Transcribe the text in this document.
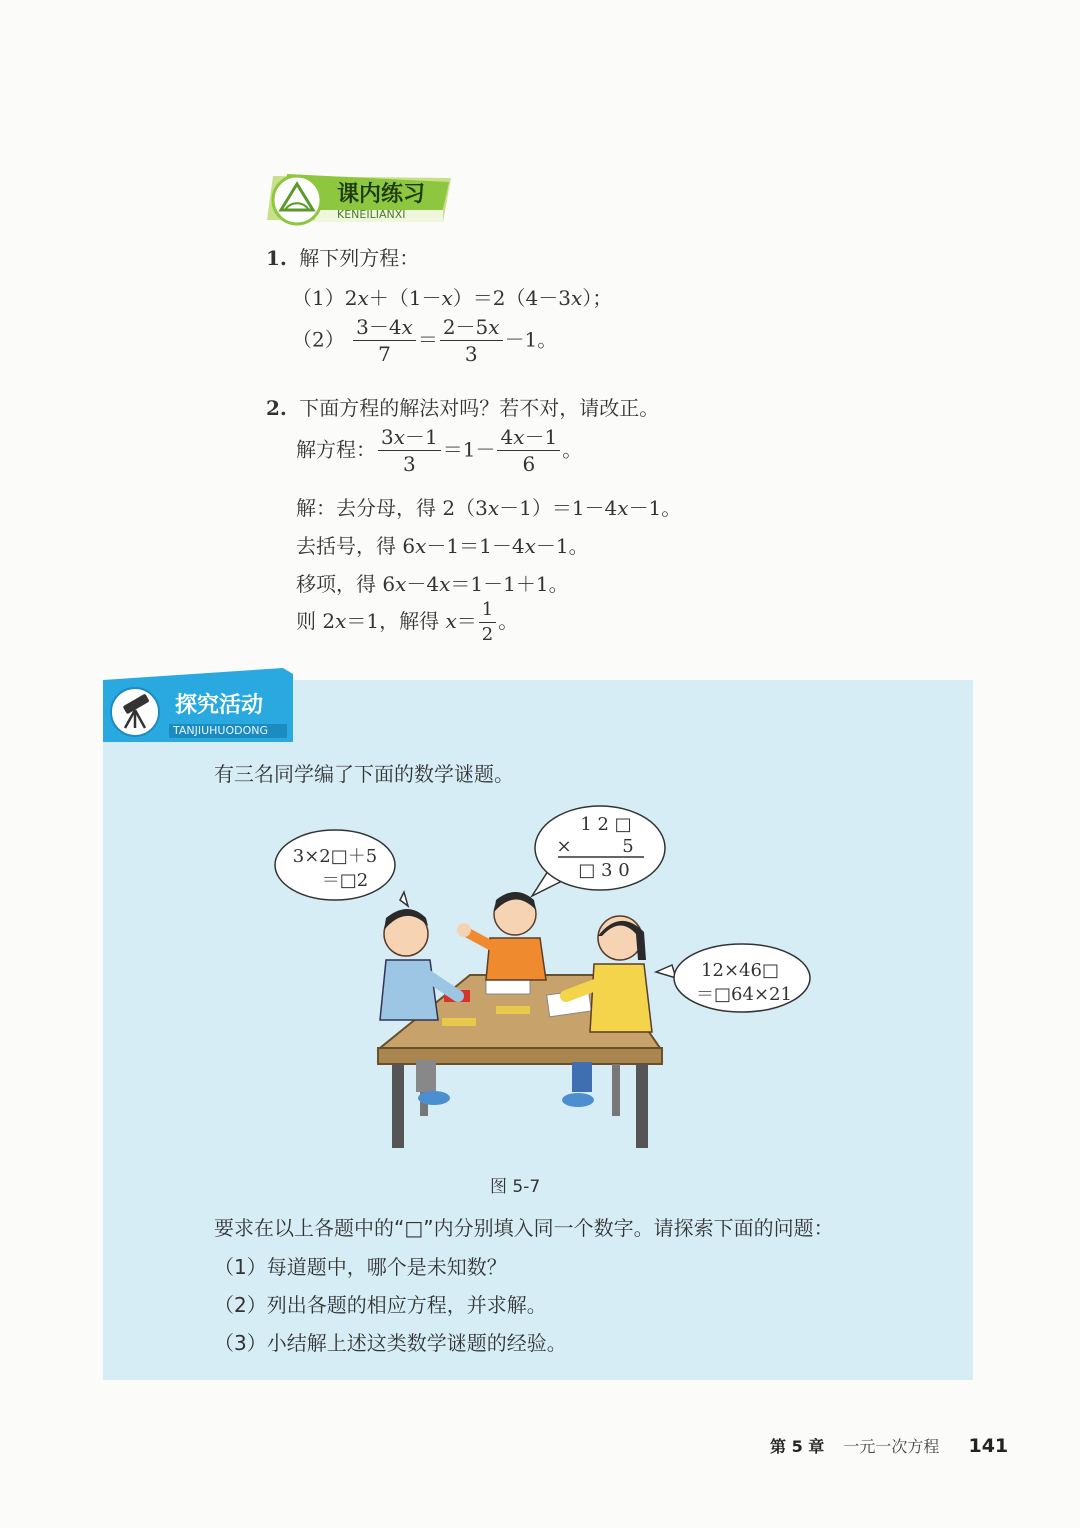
课内练习
KENEILIANXI
1. 解下列方程：
（1）2x＋（1－x）＝2（4－3x）；
$(2) \frac{3-4x}{7} = \frac{2-5x}{3} -1$。
2. 下面方程的解法对吗？若不对，请改正。
解方程： $\frac{3x-1}{3} =1- \frac{4x-1}{6}$ 。
解：去分母，得 2（3x－1）＝1－4x－1。
去括号，得 6x－1＝1－4x－1。
移项，得 6x－4x＝1－1＋1。
则 2x＝1，解得 $x= \frac{1}{2}$ 。
探究活动
TANJIUHUODONG
有三名同学编了下面的数学谜题。
3×2□＋5
＝□2
1 2 □
×	5
□ 3 0
12×46□
＝□64×21
图 5-7
要求在以上各题中的“□”内分别填入同一个数字。请探索下面的问题：
（1）每道题中，哪个是未知数？
（2）列出各题的相应方程，并求解。
（3）小结解上述这类数学谜题的经验。
第 5 章 一元一次方程 141
